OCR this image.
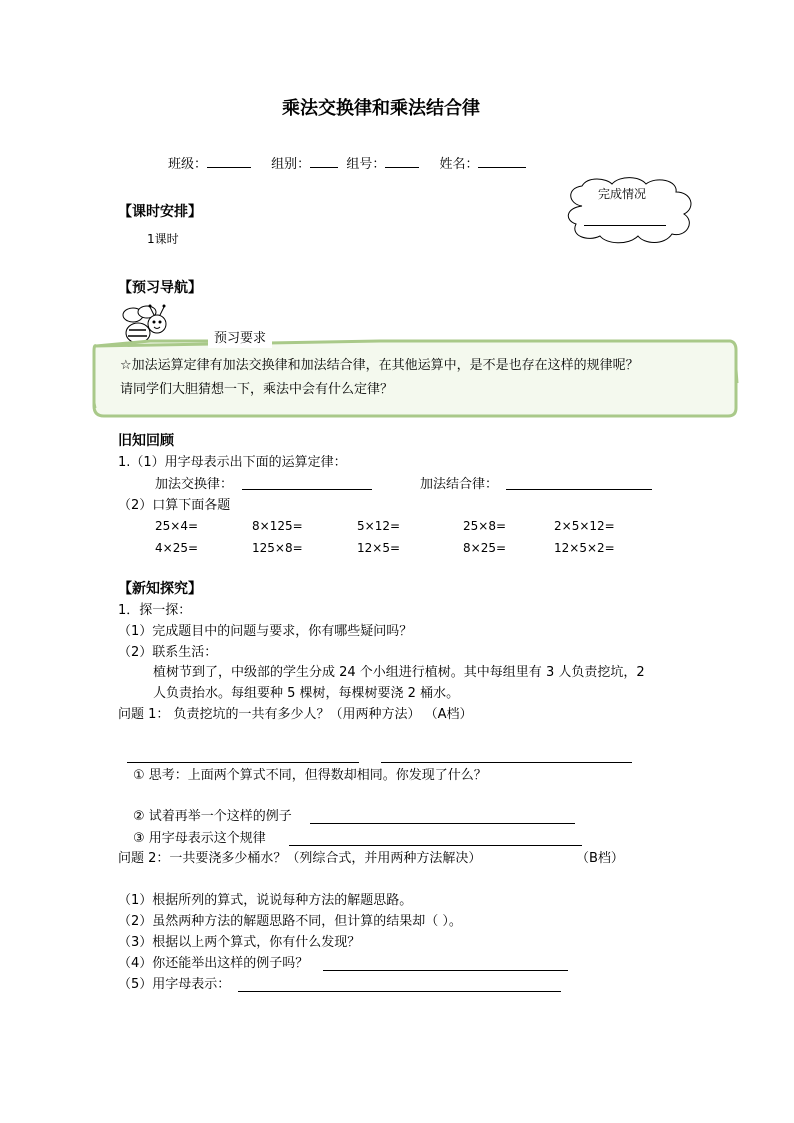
乘法交换律和乘法结合律
班级：	组别：	组号：	姓名：
完成情况
【课时安排】
1课时
【预习导航】
预习要求
☆加法运算定律有加法交换律和加法结合律，在其他运算中，是不是也存在这样的规律呢？
请同学们大胆猜想一下，乘法中会有什么定律？
旧知回顾
1.（1）用字母表示出下面的运算定律：
加法交换律：	加法结合律：
（2）口算下面各题
25×4=	8×125=	5×12=	25×8=	2×5×12=
4×25=	125×8=	12×5=	8×25=	12×5×2=
【新知探究】
1．探一探：
（1）完成题目中的问题与要求，你有哪些疑问吗？
（2）联系生活：
植树节到了，中级部的学生分成 24 个小组进行植树。其中每组里有 3 人负责挖坑，2
人负责抬水。每组要种 5 棵树，每棵树要浇 2 桶水。
问题 1： 负责挖坑的一共有多少人？（用两种方法） （A档）
① 思考：上面两个算式不同，但得数却相同。你发现了什么？
② 试着再举一个这样的例子
③ 用字母表示这个规律
问题 2：一共要浇多少桶水？（列综合式，并用两种方法解决）	（B档）
（1）根据所列的算式，说说每种方法的解题思路。
（2）虽然两种方法的解题思路不同，但计算的结果却（ ）。
（3）根据以上两个算式，你有什么发现？
（4）你还能举出这样的例子吗？
（5）用字母表示：
